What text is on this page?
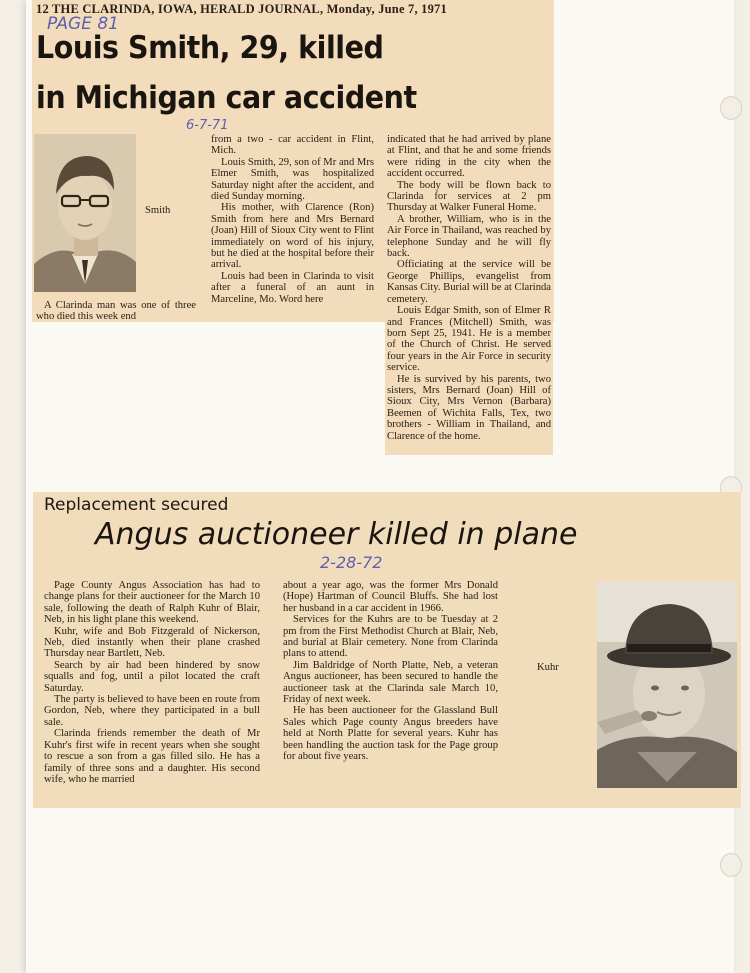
12 THE CLARINDA, IOWA, HERALD JOURNAL, Monday, June 7, 1971
PAGE 81
Louis Smith, 29, killed
in Michigan car accident
6-7-71
Smith
A Clarinda man was one of three who died this week end

from a two - car accident in Flint, Mich.

Louis Smith, 29, son of Mr and Mrs Elmer Smith, was hospitalized Saturday night after the accident, and died Sunday morning.

His mother, with Clarence (Ron) Smith from here and Mrs Bernard (Joan) Hill of Sioux City went to Flint immediately on word of his injury, but he died at the hospital before their arrival.

Louis had been in Clarinda to visit after a funeral of an aunt in Marceline, Mo. Word here

indicated that he had arrived by plane at Flint, and that he and some friends were riding in the city when the accident occurred.

The body will be flown back to Clarinda for services at 2 pm Thursday at Walker Funeral Home.

A brother, William, who is in the Air Force in Thailand, was reached by telephone Sunday and he will fly back.

Officiating at the service will be George Phillips, evangelist from Kansas City. Burial will be at Clarinda cemetery.

Louis Edgar Smith, son of Elmer R and Frances (Mitchell) Smith, was born Sept 25, 1941. He is a member of the Church of Christ. He served four years in the Air Force in security service.

He is survived by his parents, two sisters, Mrs Bernard (Joan) Hill of Sioux City, Mrs Vernon (Barbara) Beemen of Wichita Falls, Tex, two brothers - William in Thailand, and Clarence of the home.

Replacement secured
Angus auctioneer killed in plane
2-28-72

Page County Angus Association has had to change plans for their auctioneer for the March 10 sale, following the death of Ralph Kuhr of Blair, Neb, in his light plane this weekend.

Kuhr, wife and Bob Fitzgerald of Nickerson, Neb, died instantly when their plane crashed Thursday near Bartlett, Neb.

Search by air had been hindered by snow squalls and fog, until a pilot located the craft Saturday.

The party is believed to have been en route from Gordon, Neb, where they participated in a bull sale.

Clarinda friends remember the death of Mr Kuhr's first wife in recent years when she sought to rescue a son from a gas filled silo. He has a family of three sons and a daughter. His second wife, who he married

about a year ago, was the former Mrs Donald (Hope) Hartman of Council Bluffs. She had lost her husband in a car accident in 1966.

Services for the Kuhrs are to be Tuesday at 2 pm from the First Methodist Church at Blair, Neb, and burial at Blair cemetery. None from Clarinda plans to attend.

Jim Baldridge of North Platte, Neb, a veteran Angus auctioneer, has been secured to handle the auctioneer task at the Clarinda sale March 10, Friday of next week.

He has been auctioneer for the Glassland Bull Sales which Page county Angus breeders have held at North Platte for several years. Kuhr has been handling the auction task for the Page group for about five years.

Kuhr
